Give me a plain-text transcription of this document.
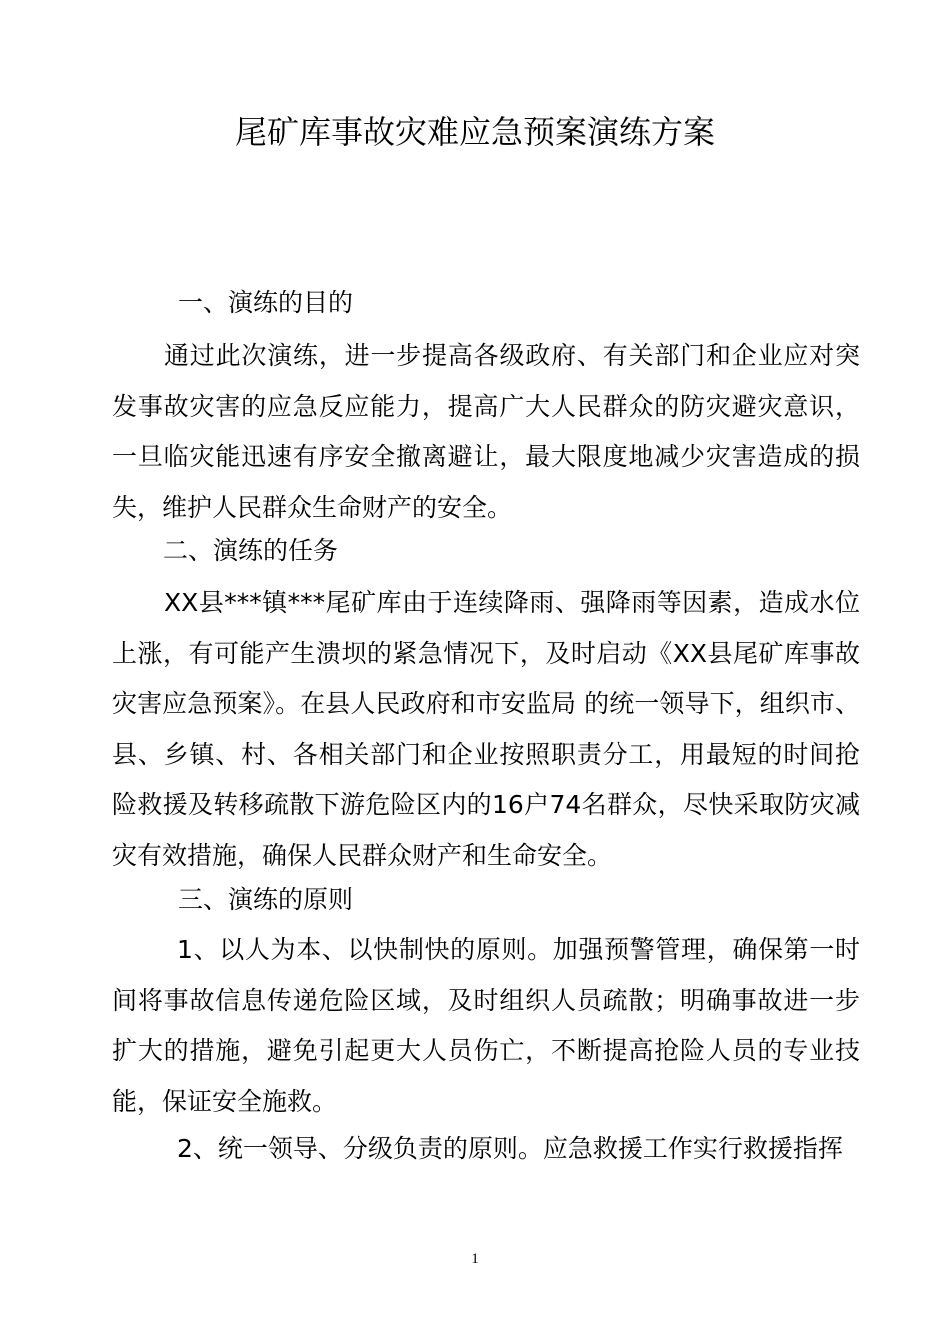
尾矿库事故灾难应急预案演练方案

一、演练的目的

通过此次演练，进一步提高各级政府、有关部门和企业应对突发事故灾害的应急反应能力，提高广大人民群众的防灾避灾意识，一旦临灾能迅速有序安全撤离避让，最大限度地减少灾害造成的损失，维护人民群众生命财产的安全。

二、演练的任务

XX县***镇***尾矿库由于连续降雨、强降雨等因素，造成水位上涨，有可能产生溃坝的紧急情况下，及时启动《XX县尾矿库事故灾害应急预案》。在县人民政府和市安监局 的统一领导下，组织市、县、乡镇、村、各相关部门和企业按照职责分工，用最短的时间抢险救援及转移疏散下游危险区内的16户74名群众，尽快采取防灾减灾有效措施，确保人民群众财产和生命安全。

三、演练的原则

1、以人为本、以快制快的原则。加强预警管理，确保第一时间将事故信息传递危险区域，及时组织人员疏散；明确事故进一步扩大的措施，避免引起更大人员伤亡，不断提高抢险人员的专业技能，保证安全施救。

2、统一领导、分级负责的原则。应急救援工作实行救援指挥

1
